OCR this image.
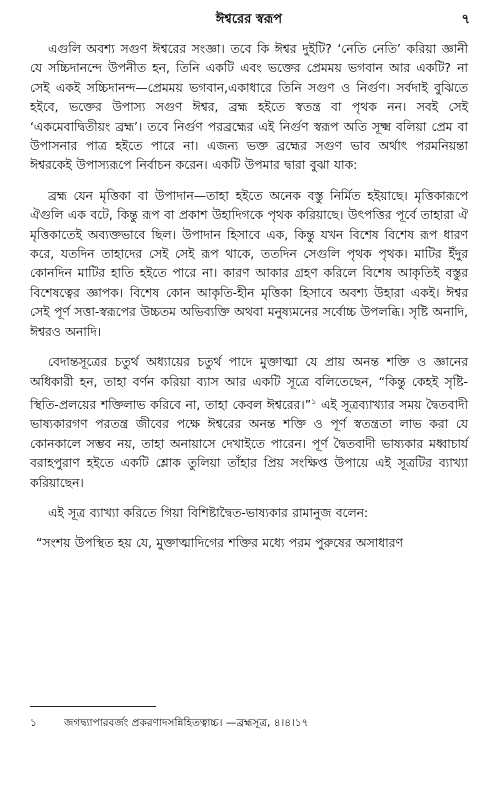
ঈশ্বরের স্বরূপ	৭

এগুলি অবশ্য সগুণ ঈশ্বরের সংজ্ঞা। তবে কি ঈশ্বর দুইটি? ‘নেতি নেতি’ করিয়া জ্ঞানী যে সচ্চিদানন্দে উপনীত হন, তিনি একটি এবং ভক্তের প্রেমময় ভগবান আর একটি? না সেই একই সচ্চিদানন্দ—প্রেমময় ভগবান,একাধারে তিনি সগুণ ও নির্গুণ। সর্বদাই বুঝিতে হইবে, ভক্তের উপাস্য সগুণ ঈশ্বর, ব্রহ্ম হইতে স্বতন্ত্র বা পৃথক নন। সবই সেই ‘একমেবাদ্বিতীয়ং ব্রহ্ম’। তবে নির্গুণ পরব্রহ্মের এই নির্গুণ স্বরূপ অতি সূক্ষ্ম বলিয়া প্রেম বা উপাসনার পাত্র হইতে পারে না। এজন্য ভক্ত ব্রহ্মের সগুণ ভাব অর্থাৎ পরমনিয়ন্তা ঈশ্বরকেই উপাস্যরূপে নির্বাচন করেন। একটি উপমার দ্বারা বুঝা যাক:

ব্রহ্ম যেন মৃত্তিকা বা উপাদান—তাহা হইতে অনেক বস্তু নির্মিত হইয়াছে। মৃত্তিকারূপে ঐগুলি এক বটে, কিন্তু রূপ বা প্রকাশ উহাদিগকে পৃথক করিয়াছে। উৎপত্তির পূর্বে তাহারা ঐ মৃত্তিকাতেই অব্যক্তভাবে ছিল। উপাদান হিসাবে এক, কিন্তু যখন বিশেষ বিশেষ রূপ ধারণ করে, যতদিন তাহাদের সেই সেই রূপ থাকে, ততদিন সেগুলি পৃথক পৃথক। মাটির ইঁদুর কোনদিন মাটির হাতি হইতে পারে না। কারণ আকার গ্রহণ করিলে বিশেষ আকৃতিই বস্তুর বিশেষত্বের জ্ঞাপক। বিশেষ কোন আকৃতি-হীন মৃত্তিকা হিসাবে অবশ্য উহারা একই। ঈশ্বর সেই পূর্ণ সত্তা-স্বরূপের উচ্চতম অভিব্যক্তি অথবা মনুষ্যমনের সর্বোচ্চ উপলব্ধি। সৃষ্টি অনাদি, ঈশ্বরও অনাদি।

বেদান্তসূত্রের চতুর্থ অধ্যায়ের চতুর্থ পাদে মুক্তাত্মা যে প্রায় অনন্ত শক্তি ও জ্ঞানের অধিকারী হন, তাহা বর্ণন করিয়া ব্যাস আর একটি সূত্রে বলিতেছেন, “কিন্তু কেহই সৃষ্টি-স্থিতি-প্রলয়ের শক্তিলাভ করিবে না, তাহা কেবল ঈশ্বরের।”$^১$ এই সূত্রব্যাখ্যার সময় দ্বৈতবাদী ভাষ্যকারগণ পরতন্ত্র জীবের পক্ষে ঈশ্বরের অনন্ত শক্তি ও পূর্ণ স্বতন্ত্রতা লাভ করা যে কোনকালে সম্ভব নয়, তাহা অনায়াসে দেখাইতে পারেন। পূর্ণ দ্বৈতবাদী ভাষ্যকার মধ্বাচার্য বরাহপুরাণ হইতে একটি শ্লোক তুলিয়া তাঁহার প্রিয় সংক্ষিপ্ত উপায়ে এই সূত্রটির ব্যাখ্যা করিয়াছেন।

এই সূত্র ব্যাখ্যা করিতে গিয়া বিশিষ্টাদ্বৈত-ভাষ্যকার রামানুজ বলেন:

“সংশয় উপস্থিত হয় যে, মুক্তাত্মাদিগের শক্তির মধ্যে পরম পুরুষের অসাধারণ

১	জগদ্ব্যাপারবর্জং প্রকরণাদসন্নিহিতত্বাচ্চ। —ব্রহ্মসূত্র, ৪।৪।১৭
